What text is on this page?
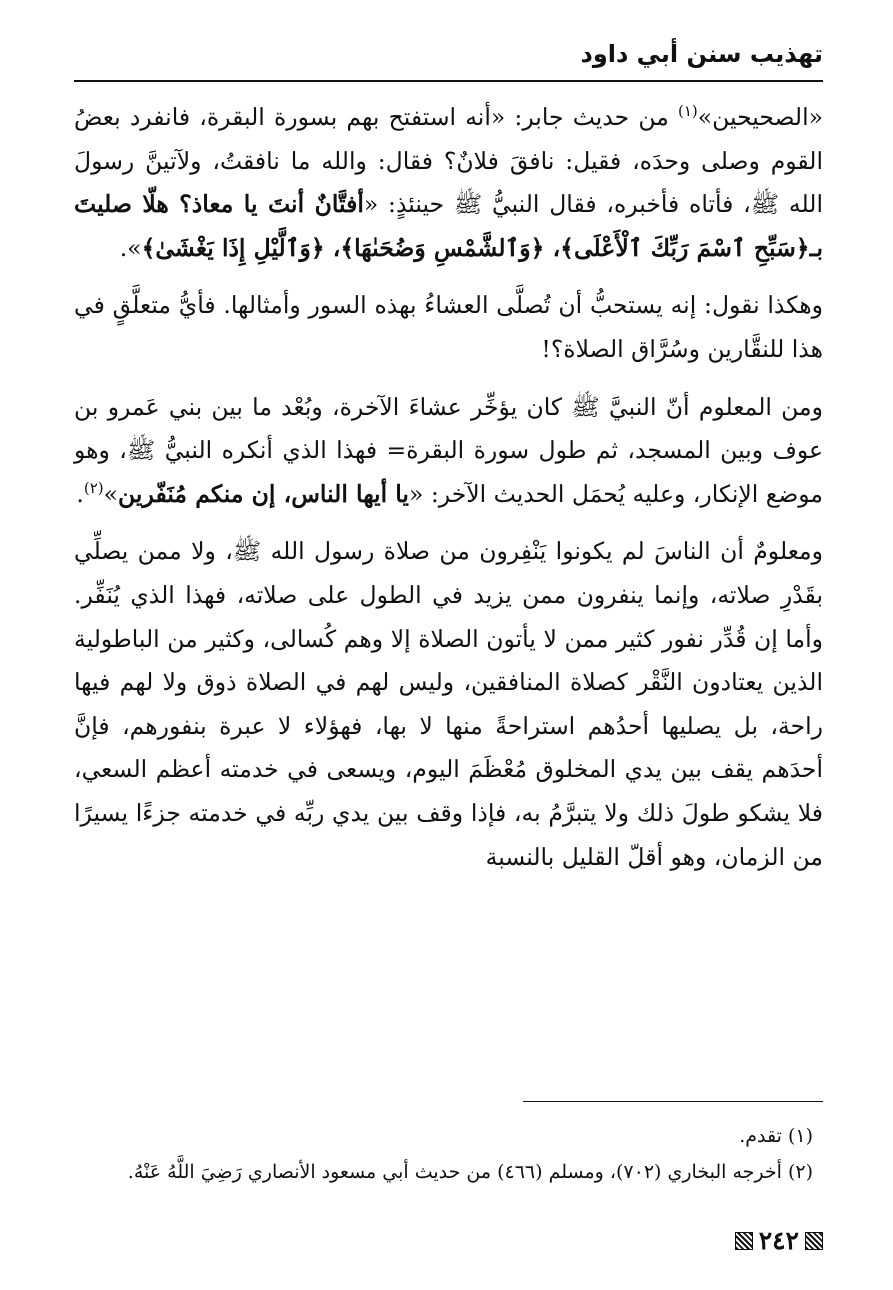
تهذيب سنن أبي داود

«الصحيحين»$^{(١)}$ من حديث جابر: «أنه استفتح بهم بسورة البقرة، فانفرد بعضُ القوم وصلى وحدَه، فقيل: نافقَ فلانٌ؟ فقال: والله ما نافقتُ، ولآتينَّ رسولَ الله ﷺ، فأتاه فأخبره، فقال النبيُّ ﷺ حينئذٍ: «أفتَّانٌ أنتَ يا معاذ؟ هلّا صليتَ بـ﴿سَبِّحِ ٱسْمَ رَبِّكَ ٱلْأَعْلَى﴾، ﴿وَٱلشَّمْسِ وَضُحَىٰهَا﴾، ﴿وَٱلَّيْلِ إِذَا يَغْشَىٰ﴾».

وهكذا نقول: إنه يستحبُّ أن تُصلَّى العشاءُ بهذه السور وأمثالها. فأيُّ متعلَّقٍ في هذا للنقَّارين وسُرَّاق الصلاة؟!

ومن المعلوم أنّ النبيَّ ﷺ كان يؤخِّر عشاءَ الآخرة، وبُعْد ما بين بني عَمرو بن عوف وبين المسجد، ثم طول سورة البقرة= فهذا الذي أنكره النبيُّ ﷺ، وهو موضع الإنكار، وعليه يُحمَل الحديث الآخر: «يا أيها الناس، إن منكم مُنَفّرين»$^{(٢)}$.

ومعلومٌ أن الناسَ لم يكونوا يَنْفِرون من صلاة رسول الله ﷺ، ولا ممن يصلِّي بقَدْرِ صلاته، وإنما ينفرون ممن يزيد في الطول على صلاته، فهذا الذي يُنَفِّر. وأما إن قُدِّر نفور كثير ممن لا يأتون الصلاة إلا وهم كُسالى، وكثير من الباطولية الذين يعتادون النَّقْر كصلاة المنافقين، وليس لهم في الصلاة ذوق ولا لهم فيها راحة، بل يصليها أحدُهم استراحةً منها لا بها، فهؤلاء لا عبرة بنفورهم، فإنَّ أحدَهم يقف بين يدي المخلوق مُعْظَمَ اليوم، ويسعى في خدمته أعظم السعي، فلا يشكو طولَ ذلك ولا يتبرَّمُ به، فإذا وقف بين يدي ربِّه في خدمته جزءًا يسيرًا من الزمان، وهو أقلّ القليل بالنسبة

(١) تقدم.

(٢) أخرجه البخاري (٧٠٢)، ومسلم (٤٦٦) من حديث أبي مسعود الأنصاري رَضِيَ اللَّهُ عَنْهُ.

٢٤٢
